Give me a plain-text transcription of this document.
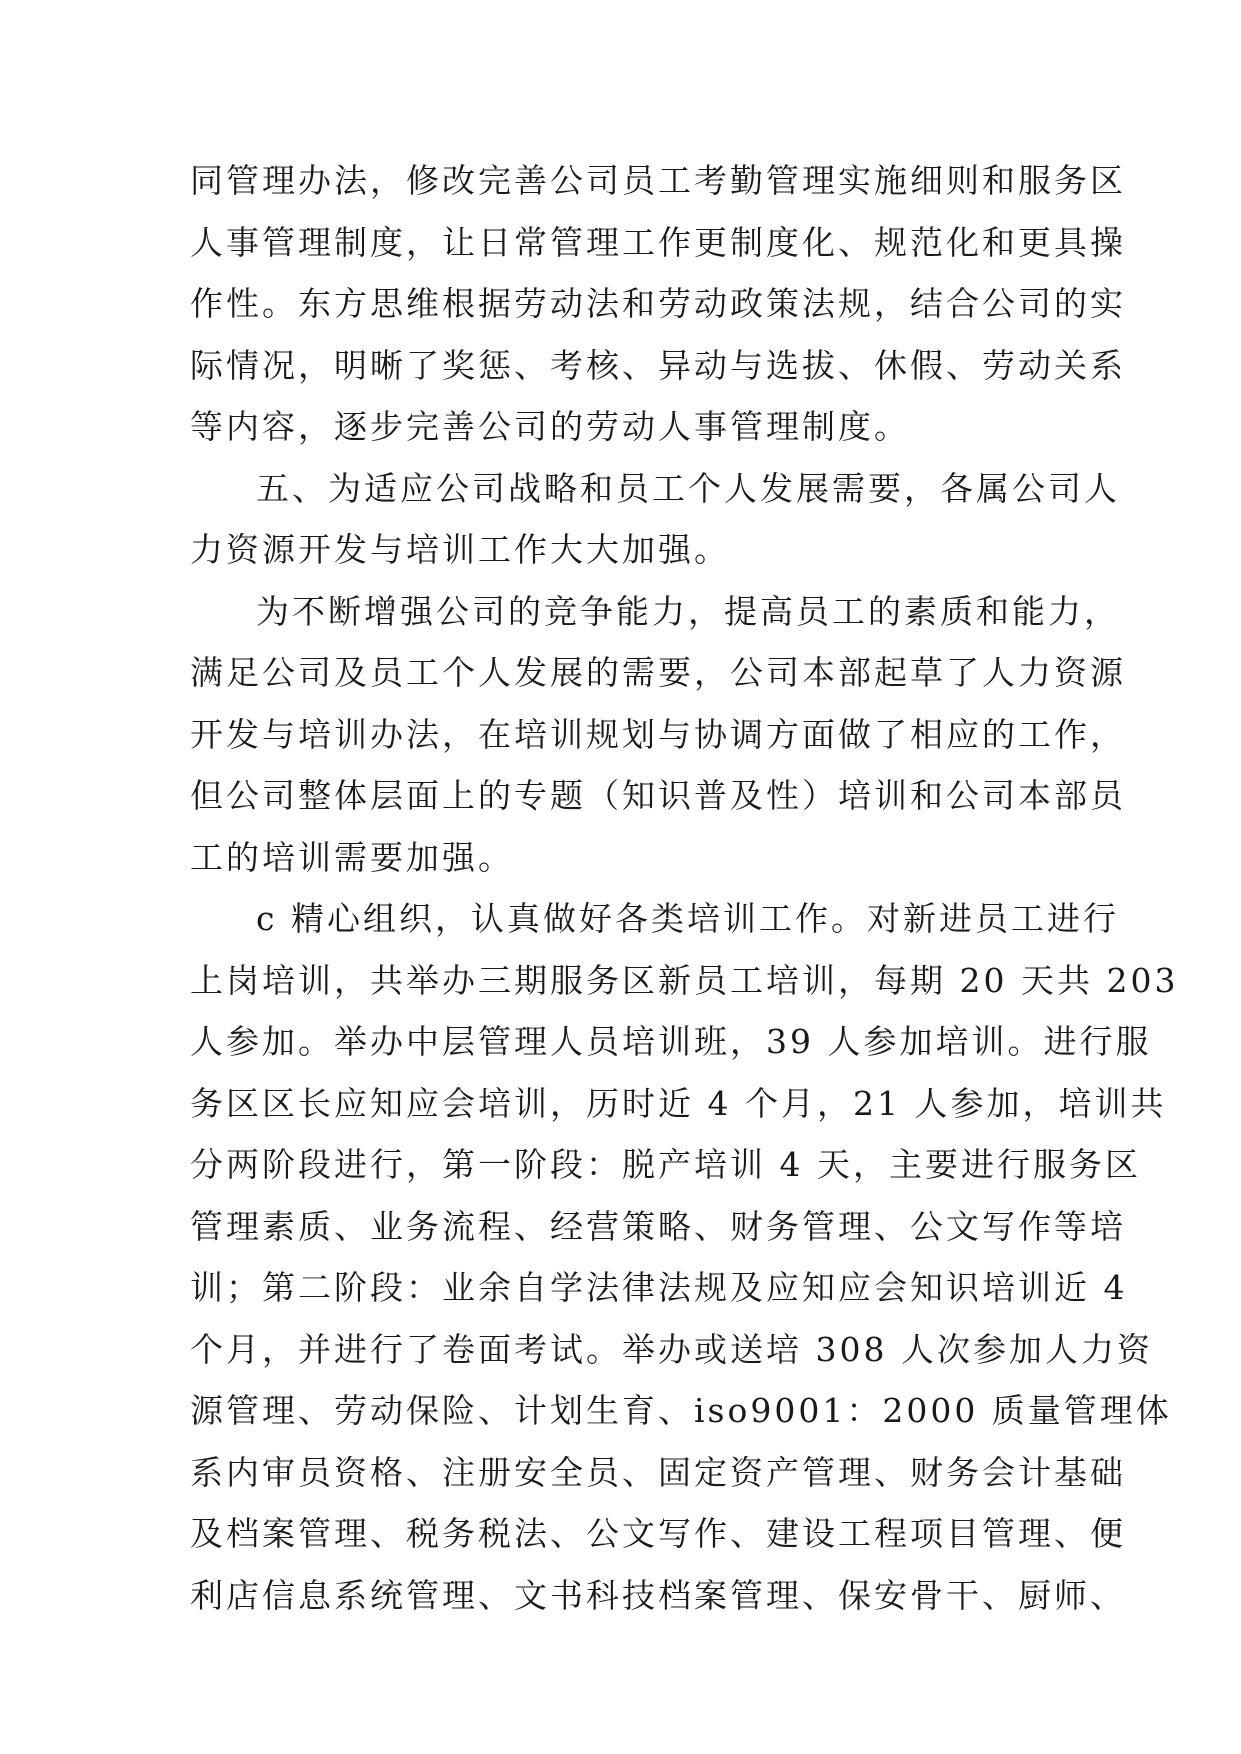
同管理办法，修改完善公司员工考勤管理实施细则和服务区
人事管理制度，让日常管理工作更制度化、规范化和更具操
作性。东方思维根据劳动法和劳动政策法规，结合公司的实
际情况，明晰了奖惩、考核、异动与选拔、休假、劳动关系
等内容，逐步完善公司的劳动人事管理制度。
五、为适应公司战略和员工个人发展需要，各属公司人
力资源开发与培训工作大大加强。
为不断增强公司的竞争能力，提高员工的素质和能力，
满足公司及员工个人发展的需要，公司本部起草了人力资源
开发与培训办法，在培训规划与协调方面做了相应的工作，
但公司整体层面上的专题（知识普及性）培训和公司本部员
工的培训需要加强。
c 精心组织，认真做好各类培训工作。对新进员工进行
上岗培训，共举办三期服务区新员工培训，每期 20 天共 203
人参加。举办中层管理人员培训班，39 人参加培训。进行服
务区区长应知应会培训，历时近 4 个月，21 人参加，培训共
分两阶段进行，第一阶段：脱产培训 4 天，主要进行服务区
管理素质、业务流程、经营策略、财务管理、公文写作等培
训；第二阶段：业余自学法律法规及应知应会知识培训近 4
个月，并进行了卷面考试。举办或送培 308 人次参加人力资
源管理、劳动保险、计划生育、iso9001：2000 质量管理体
系内审员资格、注册安全员、固定资产管理、财务会计基础
及档案管理、税务税法、公文写作、建设工程项目管理、便
利店信息系统管理、文书科技档案管理、保安骨干、厨师、
